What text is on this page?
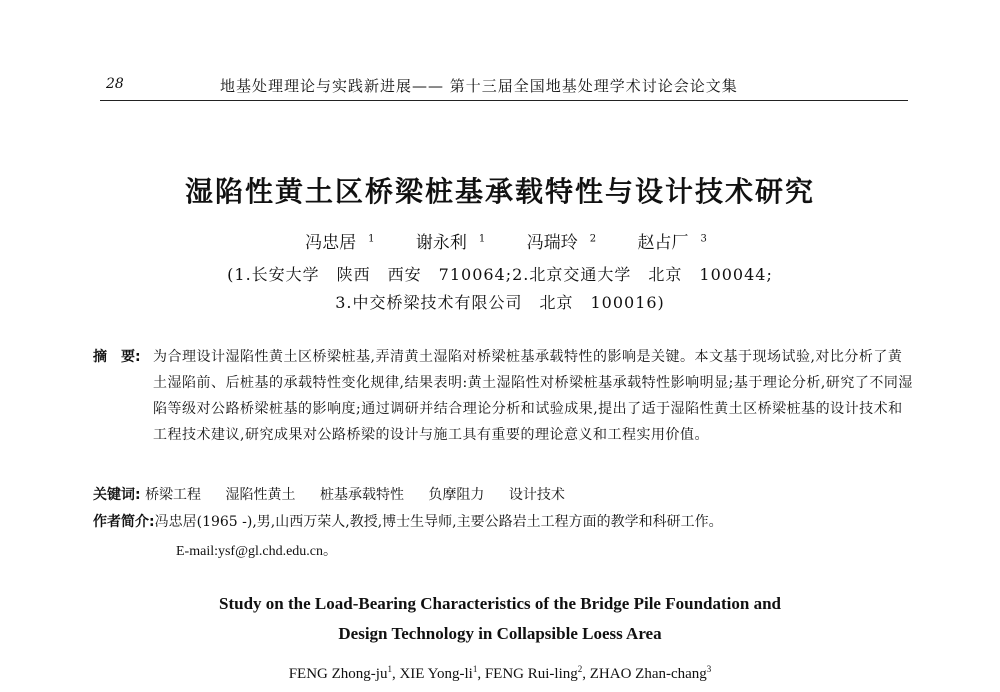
28	地基处理理论与实践新进展—— 第十三届全国地基处理学术讨论会论文集
湿陷性黄土区桥梁桩基承载特性与设计技术研究
冯忠居 $^1$ 谢永利 $^1$ 冯瑞玲 $^2$ 赵占厂 $^3$
(1.长安大学　陕西　西安　710064;2.北京交通大学　北京　100044;
3.中交桥梁技术有限公司　北京　100016)
摘　要: 为合理设计湿陷性黄土区桥梁桩基,弄清黄土湿陷对桥梁桩基承载特性的影响是关键。本文基于现场试验,对比分析了黄土湿陷前、后桩基的承载特性变化规律,结果表明:黄土湿陷性对桥梁桩基承载特性影响明显;基于理论分析,研究了不同湿陷等级对公路桥梁桩基的影响度;通过调研并结合理论分析和试验成果,提出了适于湿陷性黄土区桥梁桩基的设计技术和工程技术建议,研究成果对公路桥梁的设计与施工具有重要的理论意义和工程实用价值。
关键词: 桥梁工程 湿陷性黄土 桩基承载特性 负摩阻力 设计技术
作者简介:冯忠居(1965 -),男,山西万荣人,教授,博士生导师,主要公路岩土工程方面的教学和科研工作。
E-mail:ysf@gl.chd.edu.cn。
Study on the Load-Bearing Characteristics of the Bridge Pile Foundation and
Design Technology in Collapsible Loess Area
FENG Zhong-$ju^1$, XIE Yong-$li^1$, FENG Rui-ling$^2$, ZHAO Zhan-chang$^3$
